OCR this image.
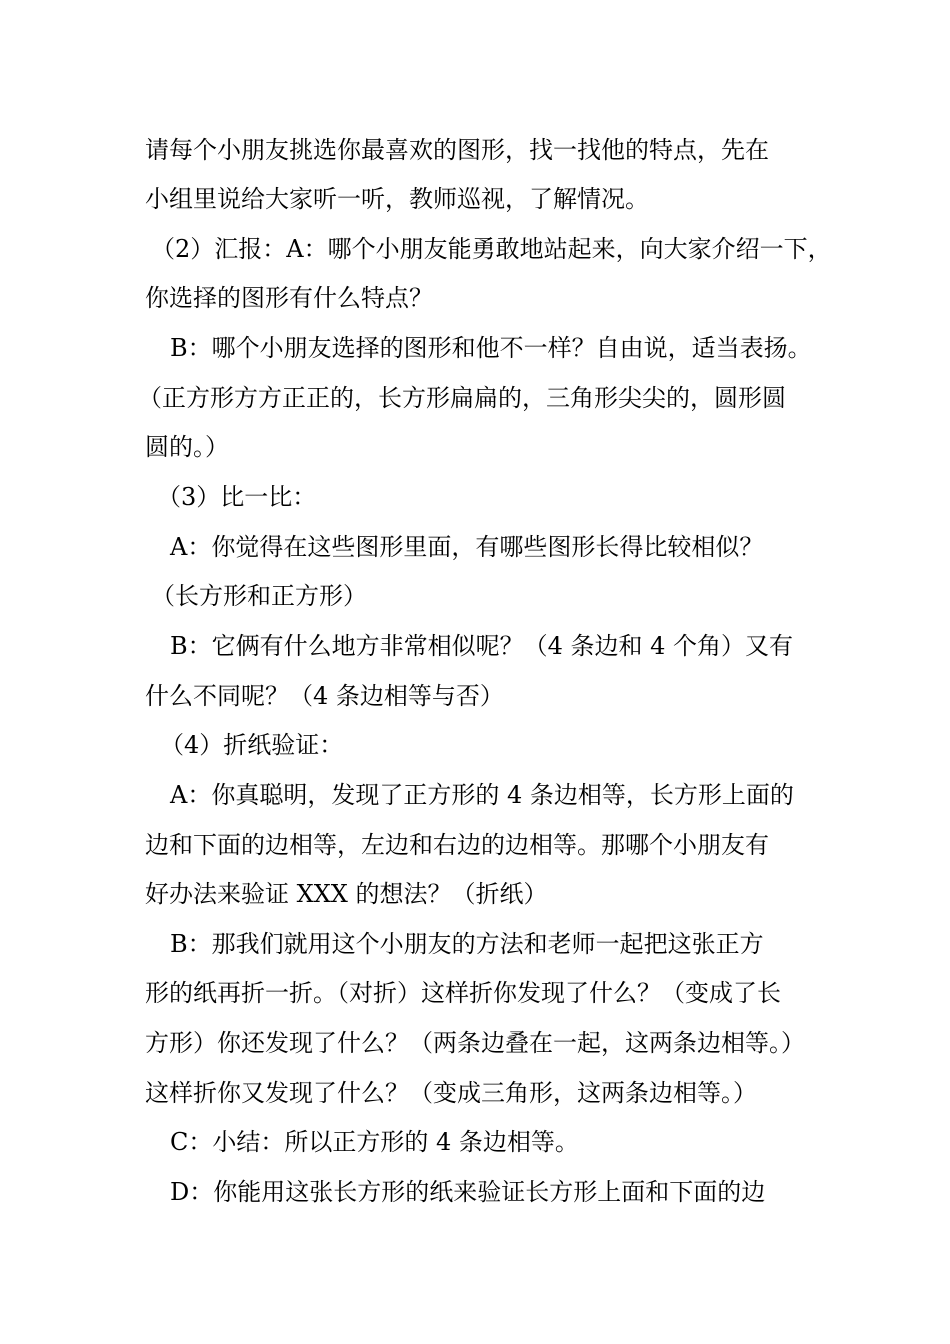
请每个小朋友挑选你最喜欢的图形，找一找他的特点，先在
小组里说给大家听一听，教师巡视，了解情况。
（2）汇报：A：哪个小朋友能勇敢地站起来，向大家介绍一下，
你选择的图形有什么特点？
B：哪个小朋友选择的图形和他不一样？自由说，适当表扬。
（正方形方方正正的，长方形扁扁的，三角形尖尖的，圆形圆
圆的。）
（3）比一比：
A：你觉得在这些图形里面，有哪些图形长得比较相似？
（长方形和正方形）
B：它俩有什么地方非常相似呢？（4 条边和 4 个角）又有
什么不同呢？（4 条边相等与否）
（4）折纸验证：
A：你真聪明，发现了正方形的 4 条边相等，长方形上面的
边和下面的边相等，左边和右边的边相等。那哪个小朋友有
好办法来验证 XXX 的想法？（折纸）
B：那我们就用这个小朋友的方法和老师一起把这张正方
形的纸再折一折。（对折）这样折你发现了什么？（变成了长
方形）你还发现了什么？（两条边叠在一起，这两条边相等。）
这样折你又发现了什么？（变成三角形，这两条边相等。）
C：小结：所以正方形的 4 条边相等。
D：你能用这张长方形的纸来验证长方形上面和下面的边
